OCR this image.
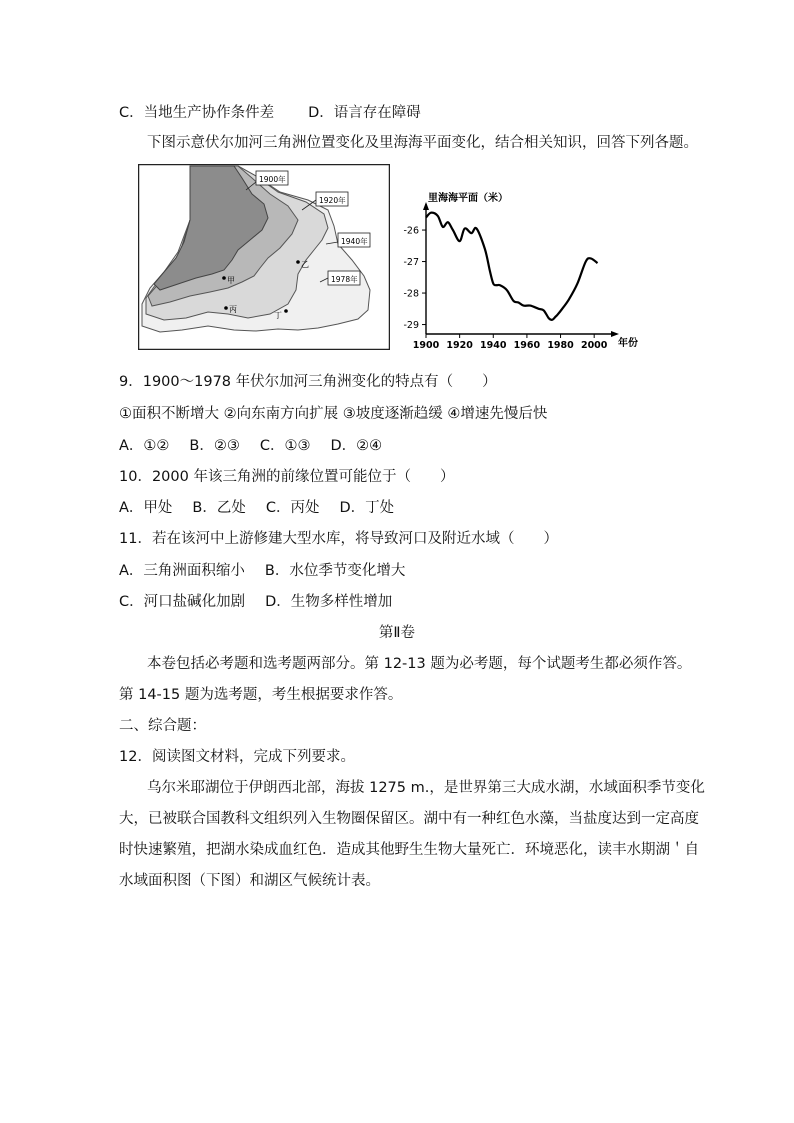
C．当地生产协作条件差 D．语言存在障碍
下图示意伏尔加河三角洲位置变化及里海海平面变化，结合相关知识，回答下列各题。
1900年
1920年
1940年
1978年
甲
乙
丙
丁
里海海平面（米）
年份
1900 1920 1940 1960 1980 2000
-26
-27
-28
-29
9．1900～1978 年伏尔加河三角洲变化的特点有（　　）
①面积不断增大 ②向东南方向扩展 ③坡度逐渐趋缓 ④增速先慢后快
A．①② B．②③ C．①③ D．②④
10．2000 年该三角洲的前缘位置可能位于（　　）
A．甲处 B．乙处 C．丙处 D．丁处
11．若在该河中上游修建大型水库，将导致河口及附近水域（　　）
A．三角洲面积缩小 B．水位季节变化增大
C．河口盐碱化加剧 D．生物多样性增加
第Ⅱ卷
本卷包括必考题和选考题两部分。第 12-13 题为必考题，每个试题考生都必须作答。
第 14-15 题为选考题，考生根据要求作答。
二、综合题：
12．阅读图文材料，完成下列要求。
乌尔米耶湖位于伊朗西北部，海拔 1275 m.，是世界第三大成水湖，水域面积季节变化
大，已被联合国教科文组织列入生物圈保留区。湖中有一种红色水藻，当盐度达到一定高度
时快速繁殖，把湖水染成血红色．造成其他野生生物大量死亡．环境恶化，读丰水期湖＇自
水域面积图（下图）和湖区气候统计表。
